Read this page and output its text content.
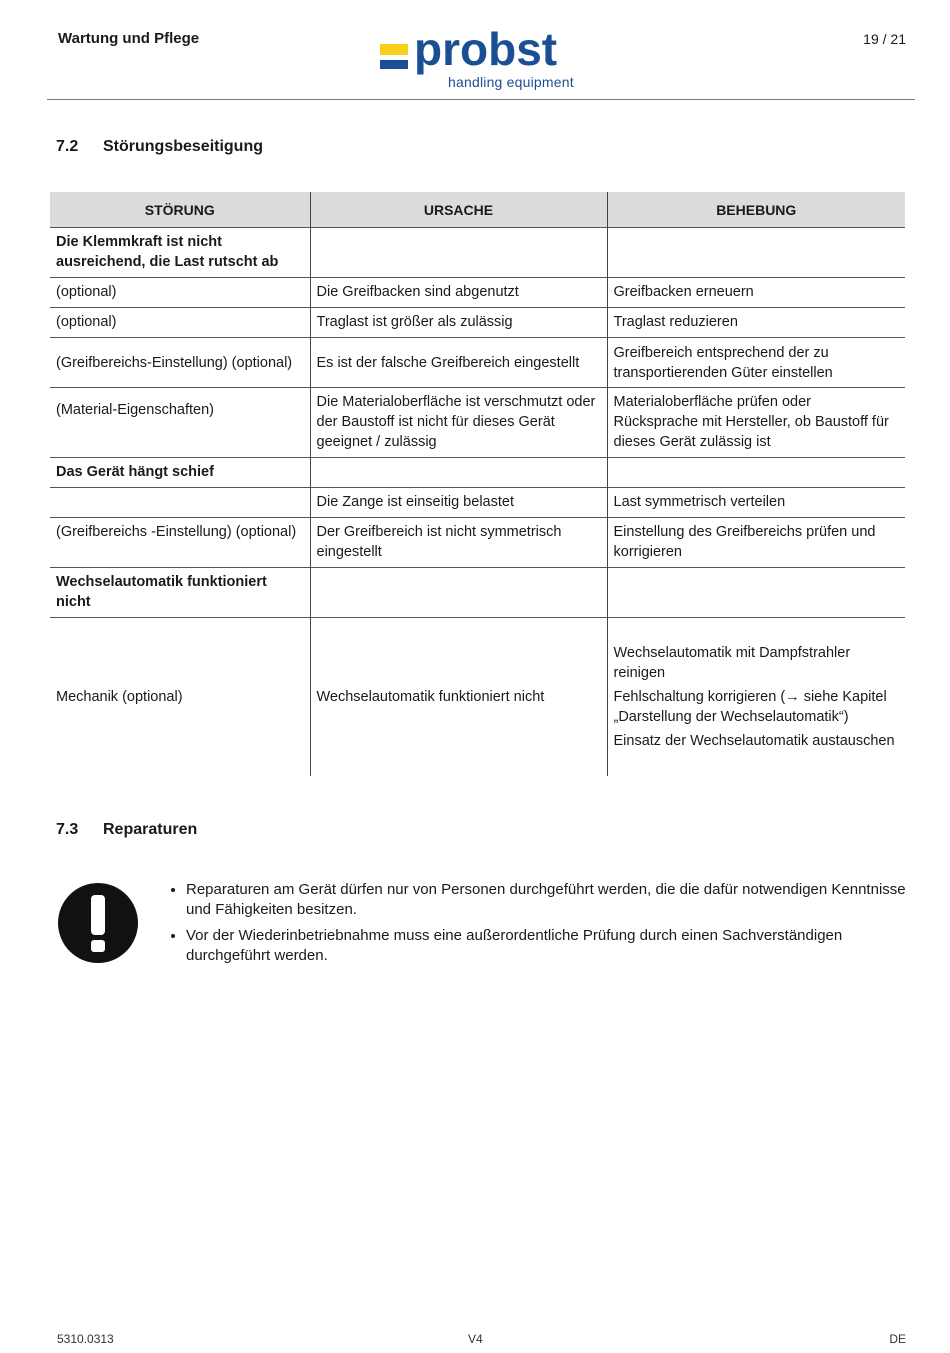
Wartung und Pflege	probst
handling equipment
19 / 21
7.2 Störungsbeseitigung
STÖRUNG	URSACHE	BEHEBUNG
Die Klemmkraft ist nicht ausreichend, die Last rutscht ab		
(optional)	Die Greifbacken sind abgenutzt	Greifbacken erneuern
(optional)	Traglast ist größer als zulässig	Traglast reduzieren
(Greifbereichs-Einstellung) (optional)	Es ist der falsche Greifbereich eingestellt	Greifbereich entsprechend der zu transportierenden Güter einstellen
(Material-Eigenschaften)	Die Materialoberfläche ist verschmutzt oder der Baustoff ist nicht für dieses Gerät geeignet / zulässig	Materialoberfläche prüfen oder Rücksprache mit Hersteller, ob Baustoff für dieses Gerät zulässig ist
Das Gerät hängt schief		
	Die Zange ist einseitig belastet	Last symmetrisch verteilen
(Greifbereichs -Einstellung) (optional)	Der Greifbereich ist nicht symmetrisch eingestellt	Einstellung des Greifbereichs prüfen und korrigieren
Wechselautomatik funktioniert nicht		
Mechanik (optional)	Wechselautomatik funktioniert nicht	Wechselautomatik mit Dampfstrahler reinigen
Fehlschaltung korrigieren (→ siehe Kapitel „Darstellung der Wechselautomatik“)
Einsatz der Wechselautomatik austauschen
7.3 Reparaturen
• Reparaturen am Gerät dürfen nur von Personen durchgeführt werden, die die dafür notwendigen Kenntnisse und Fähigkeiten besitzen.
• Vor der Wiederinbetriebnahme muss eine außerordentliche Prüfung durch einen Sachverständigen durchgeführt werden.
5310.0313	V4	DE
